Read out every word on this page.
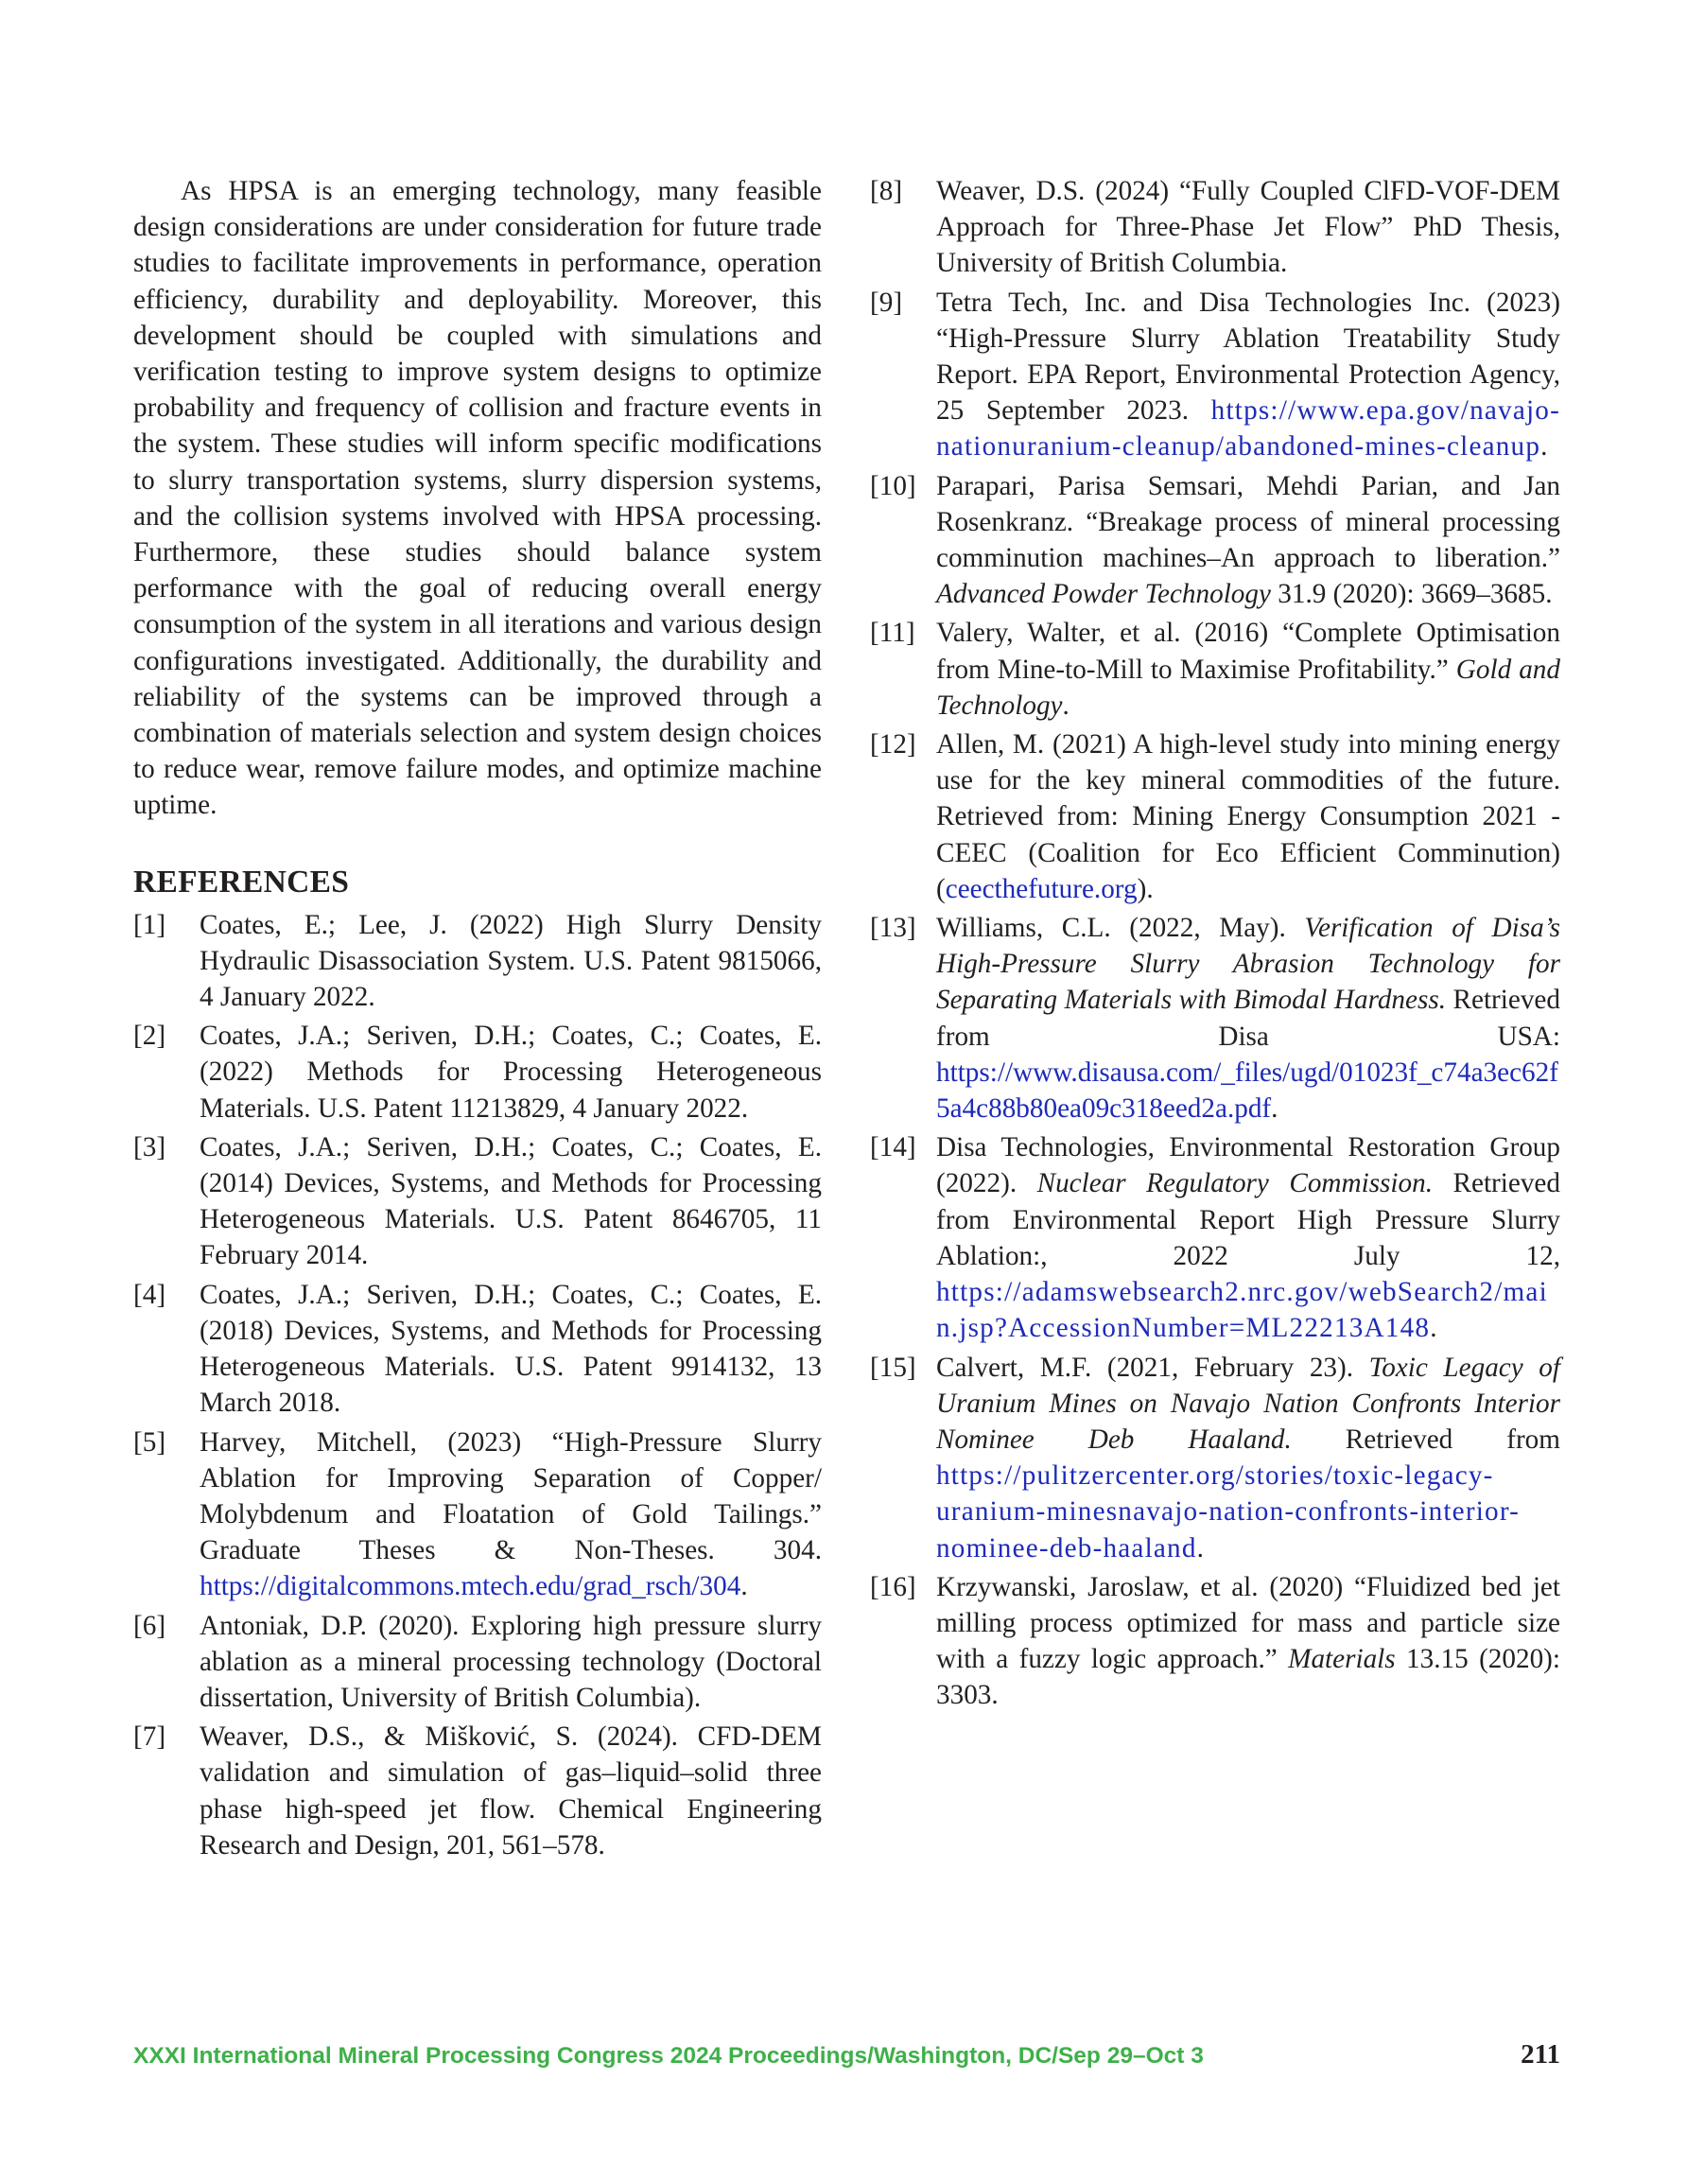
As HPSA is an emerging technology, many feasible design considerations are under consideration for future trade studies to facilitate improvements in performance, operation efficiency, durability and deployability. Moreover, this development should be coupled with simulations and verification testing to improve system designs to optimize probability and frequency of collision and fracture events in the system. These studies will inform specific modifications to slurry transportation systems, slurry dispersion systems, and the collision systems involved with HPSA processing. Furthermore, these studies should balance system performance with the goal of reducing overall energy consumption of the system in all iterations and various design configurations investigated. Additionally, the durability and reliability of the systems can be improved through a combination of materials selection and system design choices to reduce wear, remove failure modes, and optimize machine uptime.

REFERENCES
[1]	Coates, E.; Lee, J. (2022) High Slurry Density Hydraulic Disassociation System. U.S. Patent 9815066, 4 January 2022.
[2]	Coates, J.A.; Seriven, D.H.; Coates, C.; Coates, E. (2022) Methods for Processing Heterogeneous Materials. U.S. Patent 11213829, 4 January 2022.
[3]	Coates, J.A.; Seriven, D.H.; Coates, C.; Coates, E. (2014) Devices, Systems, and Methods for Processing Heterogeneous Materials. U.S. Patent 8646705, 11 February 2014.
[4]	Coates, J.A.; Seriven, D.H.; Coates, C.; Coates, E. (2018) Devices, Systems, and Methods for Processing Heterogeneous Materials. U.S. Patent 9914132, 13 March 2018.
[5]	Harvey, Mitchell, (2023) “High-Pressure Slurry Ablation for Improving Separation of Copper/ Molybdenum and Floatation of Gold Tailings.” Graduate Theses & Non-Theses. 304. https://digitalcommons.mtech.edu/grad_rsch/304.
[6]	Antoniak, D.P. (2020). Exploring high pressure slurry ablation as a mineral processing technology (Doctoral dissertation, University of British Columbia).
[7]	Weaver, D.S., & Mišković, S. (2024). CFD-DEM validation and simulation of gas–liquid–solid three phase high-speed jet flow. Chemical Engineering Research and Design, 201, 561–578.
[8]	Weaver, D.S. (2024) “Fully Coupled ClFD-VOF-DEM Approach for Three-Phase Jet Flow” PhD Thesis, University of British Columbia.
[9]	Tetra Tech, Inc. and Disa Technologies Inc. (2023) “High-Pressure Slurry Ablation Treatability Study Report. EPA Report, Environmental Protection Agency, 25 September 2023. https://www.epa.gov/navajo-nationuranium-cleanup/abandoned-mines-cleanup.
[10] Parapari, Parisa Semsari, Mehdi Parian, and Jan Rosenkranz. “Breakage process of mineral processing comminution machines–An approach to liberation.” Advanced Powder Technology 31.9 (2020): 3669–3685.
[11] Valery, Walter, et al. (2016) “Complete Optimisation from Mine-to-Mill to Maximise Profitability.” Gold and Technology.
[12] Allen, M. (2021) A high-level study into mining energy use for the key mineral commodities of the future. Retrieved from: Mining Energy Consumption 2021 - CEEC (Coalition for Eco Efficient Comminution) (ceecthefuture.org).
[13] Williams, C.L. (2022, May). Verification of Disa’s High-Pressure Slurry Abrasion Technology for Separating Materials with Bimodal Hardness. Retrieved from Disa USA: https://www.disausa.com/_files/ugd/01023f_c74a3ec62f5a4c88b80ea09c318eed2a.pdf.
[14] Disa Technologies, Environmental Restoration Group (2022). Nuclear Regulatory Commission. Retrieved from Environmental Report High Pressure Slurry Ablation:, 2022 July 12, https://adamswebsearch2.nrc.gov/webSearch2/main.jsp?AccessionNumber=ML22213A148.
[15] Calvert, M.F. (2021, February 23). Toxic Legacy of Uranium Mines on Navajo Nation Confronts Interior Nominee Deb Haaland. Retrieved from https://pulitzercenter.org/stories/toxic-legacy-uranium-minesnavajo-nation-confronts-interior-nominee-deb-haaland.
[16] Krzywanski, Jaroslaw, et al. (2020) “Fluidized bed jet milling process optimized for mass and particle size with a fuzzy logic approach.” Materials 13.15 (2020): 3303.
XXXI International Mineral Processing Congress 2024 Proceedings/Washington, DC/Sep 29–Oct 3	211
